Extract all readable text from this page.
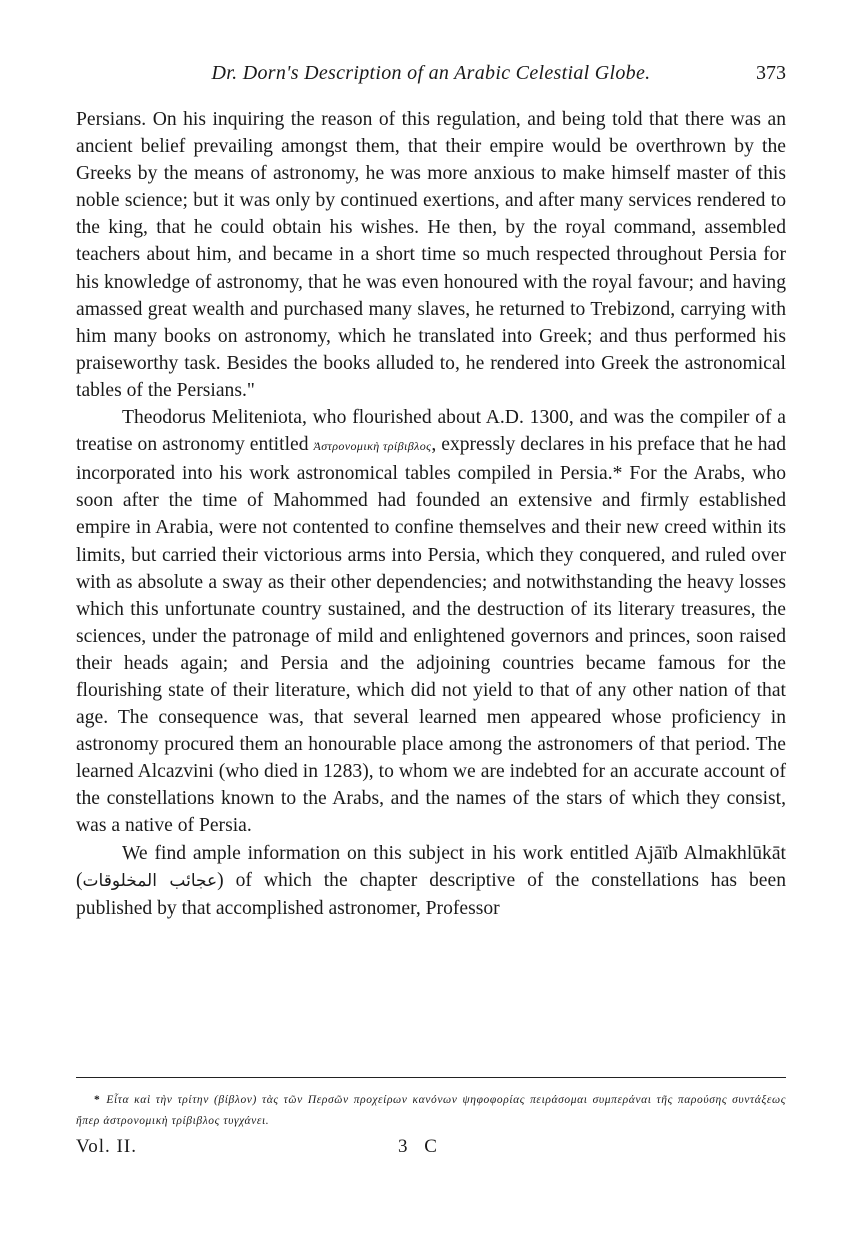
Dr. Dorn's Description of an Arabic Celestial Globe.	373

Persians. On his inquiring the reason of this regulation, and being told that there was an ancient belief prevailing amongst them, that their empire would be overthrown by the Greeks by the means of astronomy, he was more anxious to make himself master of this noble science; but it was only by continued exertions, and after many services rendered to the king, that he could obtain his wishes. He then, by the royal command, assembled teachers about him, and became in a short time so much respected throughout Persia for his knowledge of astronomy, that he was even honoured with the royal favour; and having amassed great wealth and purchased many slaves, he returned to Trebizond, carrying with him many books on astronomy, which he translated into Greek; and thus performed his praiseworthy task. Besides the books alluded to, he rendered into Greek the astronomical tables of the Persians."

Theodorus Meliteniota, who flourished about A.D. 1300, and was the compiler of a treatise on astronomy entitled Ἀστρονομικὴ τρίβιβλος, expressly declares in his preface that he had incorporated into his work astronomical tables compiled in Persia.* For the Arabs, who soon after the time of Mahommed had founded an extensive and firmly established empire in Arabia, were not contented to confine themselves and their new creed within its limits, but carried their victorious arms into Persia, which they conquered, and ruled over with as absolute a sway as their other dependencies; and notwithstanding the heavy losses which this unfortunate country sustained, and the destruction of its literary treasures, the sciences, under the patronage of mild and enlightened governors and princes, soon raised their heads again; and Persia and the adjoining countries became famous for the flourishing state of their literature, which did not yield to that of any other nation of that age. The consequence was, that several learned men appeared whose proficiency in astronomy procured them an honourable place among the astronomers of that period. The learned Alcazvini (who died in 1283), to whom we are indebted for an accurate account of the constellations known to the Arabs, and the names of the stars of which they consist, was a native of Persia.

We find ample information on this subject in his work entitled Ajāïb Almakhlūkāt (عجائب المخلوقات) of which the chapter descriptive of the constellations has been published by that accomplished astronomer, Professor

* Εἶτα καὶ τὴν τρίτην (βίβλον) τὰς τῶν Περσῶν προχείρων κανόνων ψηφοφορίας πειράσομαι συμπεράναι τῆς παρούσης συντάξεως ἤπερ ἀστρονομικὴ τρίβιβλος τυγχάνει.
Vol. II.	3 C
